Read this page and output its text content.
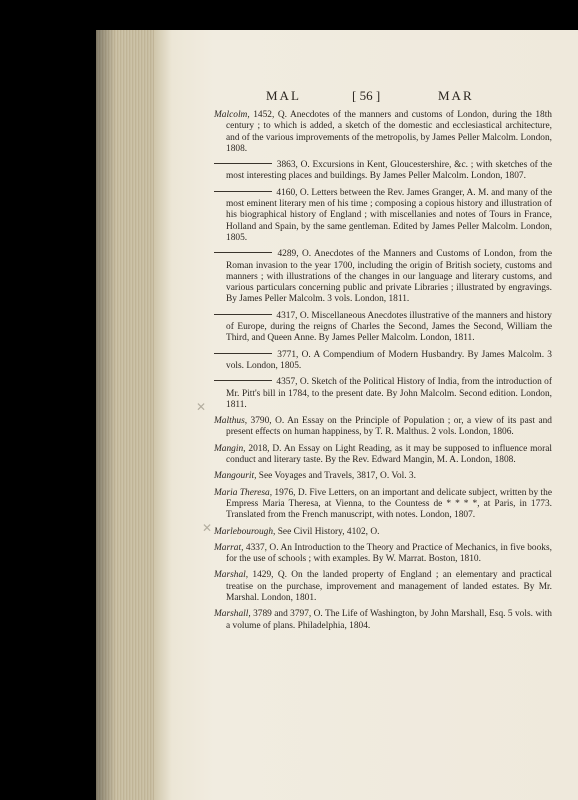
MAL	[ 56 ]	MAR
Malcolm, 1452, Q. Anecdotes of the manners and customs of London, during the 18th century ; to which is added, a sketch of the domestic and ecclesiastical architecture, and of the various improvements of the metropolis, by James Peller Malcolm. London, 1808.
3863, O. Excursions in Kent, Gloucestershire, &c. ; with sketches of the most interesting places and buildings. By James Peller Malcolm. London, 1807.
4160, O. Letters between the Rev. James Granger, A. M. and many of the most eminent literary men of his time ; composing a copious history and illustration of his biographical history of England ; with miscellanies and notes of Tours in France, Holland and Spain, by the same gentleman. Edited by James Peller Malcolm. London, 1805.
4289, O. Anecdotes of the Manners and Customs of London, from the Roman invasion to the year 1700, including the origin of British society, customs and manners ; with illustrations of the changes in our language and literary customs, and various particulars concerning public and private Libraries ; illustrated by engravings. By James Peller Malcolm. 3 vols. London, 1811.
4317, O. Miscellaneous Anecdotes illustrative of the manners and history of Europe, during the reigns of Charles the Second, James the Second, William the Third, and Queen Anne. By James Peller Malcolm. London, 1811.
3771, O. A Compendium of Modern Husbandry. By James Malcolm. 3 vols. London, 1805.
4357, O. Sketch of the Political History of India, from the introduction of Mr. Pitt's bill in 1784, to the present date. By John Malcolm. Second edition. London, 1811.
Malthus, 3790, O. An Essay on the Principle of Population ; or, a view of its past and present effects on human happiness, by T. R. Malthus. 2 vols. London, 1806.
Mangin, 2018, D. An Essay on Light Reading, as it may be supposed to influence moral conduct and literary taste. By the Rev. Edward Mangin, M. A. London, 1808.
Mangourit, See Voyages and Travels, 3817, O. Vol. 3.
Maria Theresa, 1976, D. Five Letters, on an important and delicate subject, written by the Empress Maria Theresa, at Vienna, to the Countess de * * * *, at Paris, in 1773. Translated from the French manuscript, with notes. London, 1807.
Marlebourough, See Civil History, 4102, O.
Marrat, 4337, O. An Introduction to the Theory and Practice of Mechanics, in five books, for the use of schools ; with examples. By W. Marrat. Boston, 1810.
Marshal, 1429, Q. On the landed property of England ; an elementary and practical treatise on the purchase, improvement and management of landed estates. By Mr. Marshal. London, 1801.
Marshall, 3789 and 3797, O. The Life of Washington, by John Marshall, Esq. 5 vols. with a volume of plans. Philadelphia, 1804.
✕
✕
